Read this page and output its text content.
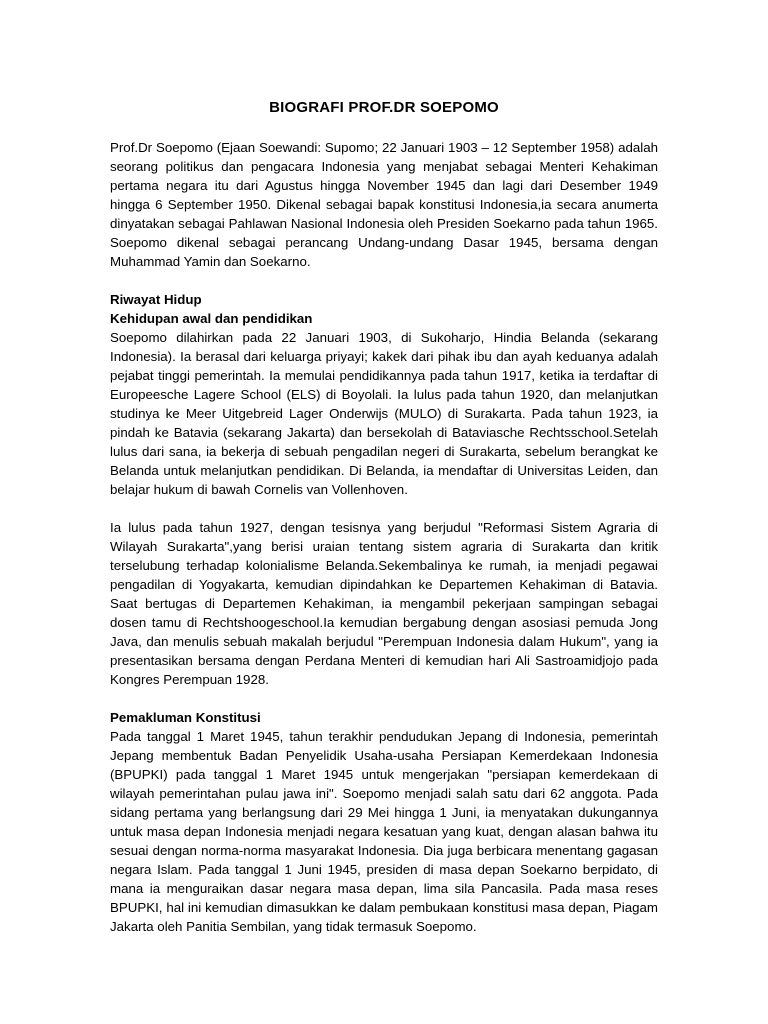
BIOGRAFI PROF.DR SOEPOMO

Prof.Dr Soepomo (Ejaan Soewandi: Supomo; 22 Januari 1903 – 12 September 1958) adalah seorang politikus dan pengacara Indonesia yang menjabat sebagai Menteri Kehakiman pertama negara itu dari Agustus hingga November 1945 dan lagi dari Desember 1949 hingga 6 September 1950. Dikenal sebagai bapak konstitusi Indonesia,ia secara anumerta dinyatakan sebagai Pahlawan Nasional Indonesia oleh Presiden Soekarno pada tahun 1965. Soepomo dikenal sebagai perancang Undang-undang Dasar 1945, bersama dengan Muhammad Yamin dan Soekarno.

Riwayat Hidup
Kehidupan awal dan pendidikan

Soepomo dilahirkan pada 22 Januari 1903, di Sukoharjo, Hindia Belanda (sekarang Indonesia). Ia berasal dari keluarga priyayi; kakek dari pihak ibu dan ayah keduanya adalah pejabat tinggi pemerintah. Ia memulai pendidikannya pada tahun 1917, ketika ia terdaftar di Europeesche Lagere School (ELS) di Boyolali. Ia lulus pada tahun 1920, dan melanjutkan studinya ke Meer Uitgebreid Lager Onderwijs (MULO) di Surakarta. Pada tahun 1923, ia pindah ke Batavia (sekarang Jakarta) dan bersekolah di Bataviasche Rechtsschool.Setelah lulus dari sana, ia bekerja di sebuah pengadilan negeri di Surakarta, sebelum berangkat ke Belanda untuk melanjutkan pendidikan. Di Belanda, ia mendaftar di Universitas Leiden, dan belajar hukum di bawah Cornelis van Vollenhoven.

Ia lulus pada tahun 1927, dengan tesisnya yang berjudul "Reformasi Sistem Agraria di Wilayah Surakarta",yang berisi uraian tentang sistem agraria di Surakarta dan kritik terselubung terhadap kolonialisme Belanda.Sekembalinya ke rumah, ia menjadi pegawai pengadilan di Yogyakarta, kemudian dipindahkan ke Departemen Kehakiman di Batavia. Saat bertugas di Departemen Kehakiman, ia mengambil pekerjaan sampingan sebagai dosen tamu di Rechtshoogeschool.Ia kemudian bergabung dengan asosiasi pemuda Jong Java, dan menulis sebuah makalah berjudul "Perempuan Indonesia dalam Hukum", yang ia presentasikan bersama dengan Perdana Menteri di kemudian hari Ali Sastroamidjojo pada Kongres Perempuan 1928.

Pemakluman Konstitusi

Pada tanggal 1 Maret 1945, tahun terakhir pendudukan Jepang di Indonesia, pemerintah Jepang membentuk Badan Penyelidik Usaha-usaha Persiapan Kemerdekaan Indonesia (BPUPKI) pada tanggal 1 Maret 1945 untuk mengerjakan "persiapan kemerdekaan di wilayah pemerintahan pulau jawa ini". Soepomo menjadi salah satu dari 62 anggota. Pada sidang pertama yang berlangsung dari 29 Mei hingga 1 Juni, ia menyatakan dukungannya untuk masa depan Indonesia menjadi negara kesatuan yang kuat, dengan alasan bahwa itu sesuai dengan norma-norma masyarakat Indonesia. Dia juga berbicara menentang gagasan negara Islam. Pada tanggal 1 Juni 1945, presiden di masa depan Soekarno berpidato, di mana ia menguraikan dasar negara masa depan, lima sila Pancasila. Pada masa reses BPUPKI, hal ini kemudian dimasukkan ke dalam pembukaan konstitusi masa depan, Piagam Jakarta oleh Panitia Sembilan, yang tidak termasuk Soepomo.
